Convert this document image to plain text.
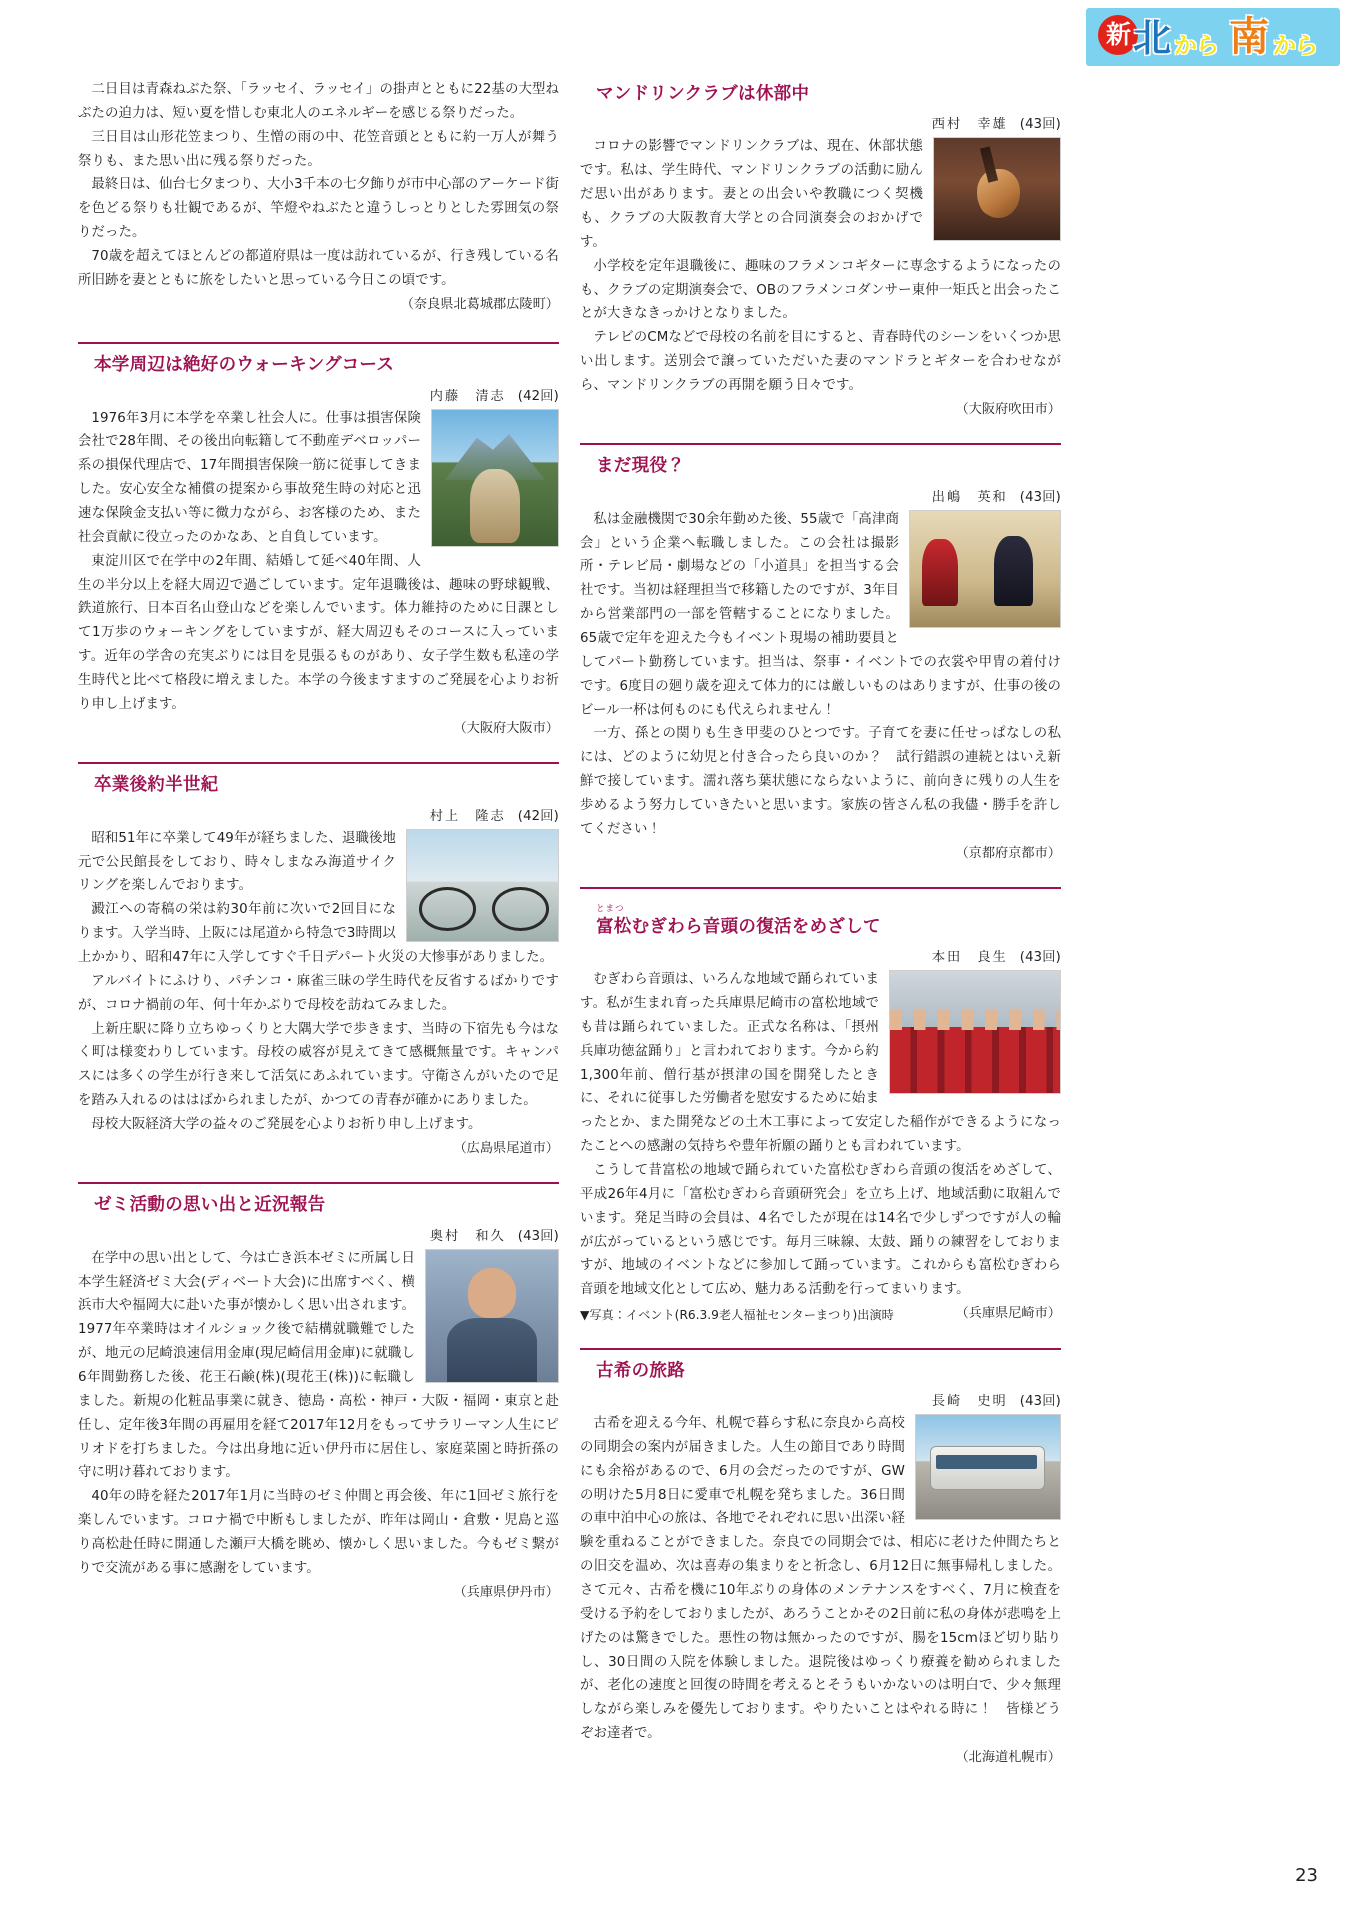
新 北 から 南 から

二日目は青森ねぶた祭、「ラッセイ、ラッセイ」の掛声とともに22基の大型ねぶたの迫力は、短い夏を惜しむ東北人のエネルギーを感じる祭りだった。

三日目は山形花笠まつり、生憎の雨の中、花笠音頭とともに約一万人が舞う祭りも、また思い出に残る祭りだった。

最終日は、仙台七夕まつり、大小3千本の七夕飾りが市中心部のアーケード街を色どる祭りも壮観であるが、竿燈やねぶたと違うしっとりとした雰囲気の祭りだった。

70歳を超えてほとんどの都道府県は一度は訪れているが、行き残している名所旧跡を妻とともに旅をしたいと思っている今日この頃です。

（奈良県北葛城郡広陵町）

本学周辺は絶好のウォーキングコース
内藤　清志 (42回)

1976年3月に本学を卒業し社会人に。仕事は損害保険会社で28年間、その後出向転籍して不動産デベロッパー系の損保代理店で、17年間損害保険一筋に従事してきました。安心安全な補償の提案から事故発生時の対応と迅速な保険金支払い等に微力ながら、お客様のため、また社会貢献に役立ったのかなあ、と自負しています。

東淀川区で在学中の2年間、結婚して延べ40年間、人生の半分以上を経大周辺で過ごしています。定年退職後は、趣味の野球観戦、鉄道旅行、日本百名山登山などを楽しんでいます。体力維持のために日課として1万歩のウォーキングをしていますが、経大周辺もそのコースに入っています。近年の学舎の充実ぶりには目を見張るものがあり、女子学生数も私達の学生時代と比べて格段に増えました。本学の今後ますますのご発展を心よりお祈り申し上げます。

（大阪府大阪市）

卒業後約半世紀
村上　隆志 (42回)

昭和51年に卒業して49年が経ちました、退職後地元で公民館長をしており、時々しまなみ海道サイクリングを楽しんでおります。

澱江への寄稿の栄は約30年前に次いで2回目になります。入学当時、上阪には尾道から特急で3時間以上かかり、昭和47年に入学してすぐ千日デパート火災の大惨事がありました。

アルバイトにふけり、パチンコ・麻雀三昧の学生時代を反省するばかりですが、コロナ禍前の年、何十年かぶりで母校を訪ねてみました。

上新庄駅に降り立ちゆっくりと大隅大学で歩きます、当時の下宿先も今はなく町は様変わりしています。母校の威容が見えてきて感概無量です。キャンパスには多くの学生が行き来して活気にあふれています。守衛さんがいたので足を踏み入れるのははばかられましたが、かつての青春が確かにありました。

母校大阪経済大学の益々のご発展を心よりお祈り申し上げます。

（広島県尾道市）

ゼミ活動の思い出と近況報告
奥村　和久 (43回)

在学中の思い出として、今は亡き浜本ゼミに所属し日本学生経済ゼミ大会(ディベート大会)に出席すべく、横浜市大や福岡大に赴いた事が懐かしく思い出されます。1977年卒業時はオイルショック後で結構就職難でしたが、地元の尼崎浪速信用金庫(現尼崎信用金庫)に就職し6年間勤務した後、花王石鹸(株)(現花王(株))に転職しました。新規の化粧品事業に就き、徳島・高松・神戸・大阪・福岡・東京と赴任し、定年後3年間の再雇用を経て2017年12月をもってサラリーマン人生にピリオドを打ちました。今は出身地に近い伊丹市に居住し、家庭菜園と時折孫の守に明け暮れております。

40年の時を経た2017年1月に当時のゼミ仲間と再会後、年に1回ゼミ旅行を楽しんでいます。コロナ禍で中断もしましたが、昨年は岡山・倉敷・児島と巡り高松赴任時に開通した瀬戸大橋を眺め、懐かしく思いました。今もゼミ繋がりで交流がある事に感謝をしています。

（兵庫県伊丹市）

マンドリンクラブは休部中
西村　幸雄 (43回)

コロナの影響でマンドリンクラブは、現在、休部状態です。私は、学生時代、マンドリンクラブの活動に励んだ思い出があります。妻との出会いや教職につく契機も、クラブの大阪教育大学との合同演奏会のおかげです。

小学校を定年退職後に、趣味のフラメンコギターに専念するようになったのも、クラブの定期演奏会で、OBのフラメンコダンサー東仲一矩氏と出会ったことが大きなきっかけとなりました。

テレビのCMなどで母校の名前を目にすると、青春時代のシーンをいくつか思い出します。送別会で譲っていただいた妻のマンドラとギターを合わせながら、マンドリンクラブの再開を願う日々です。

（大阪府吹田市）

まだ現役？
出嶋　英和 (43回)

私は金融機関で30余年勤めた後、55歳で「高津商会」という企業へ転職しました。この会社は撮影所・テレビ局・劇場などの「小道具」を担当する会社です。当初は経理担当で移籍したのですが、3年目から営業部門の一部を管轄することになりました。65歳で定年を迎えた今もイベント現場の補助要員としてパート勤務しています。担当は、祭事・イベントでの衣裳や甲冑の着付けです。6度目の廻り歳を迎えて体力的には厳しいものはありますが、仕事の後のビール一杯は何ものにも代えられません！

一方、孫との関りも生き甲斐のひとつです。子育てを妻に任せっぱなしの私には、どのように幼児と付き合ったら良いのか？　試行錯誤の連続とはいえ新鮮で接しています。濡れ落ち葉状態にならないように、前向きに残りの人生を歩めるよう努力していきたいと思います。家族の皆さん私の我儘・勝手を許してください！

（京都府京都市）

とまつ
富松むぎわら音頭の復活をめざして
本田　良生 (43回)

むぎわら音頭は、いろんな地域で踊られています。私が生まれ育った兵庫県尼崎市の富松地域でも昔は踊られていました。正式な名称は、「摂州兵庫功徳盆踊り」と言われております。今から約1,300年前、僧行基が摂津の国を開発したときに、それに従事した労働者を慰安するために始まったとか、また開発などの土木工事によって安定した稲作ができるようになったことへの感謝の気持ちや豊年祈願の踊りとも言われています。

こうして昔富松の地域で踊られていた富松むぎわら音頭の復活をめざして、平成26年4月に「富松むぎわら音頭研究会」を立ち上げ、地域活動に取組んでいます。発足当時の会員は、4名でしたが現在は14名で少しずつですが人の輪が広がっているという感じです。毎月三味線、太鼓、踊りの練習をしておりますが、地域のイベントなどに参加して踊っています。これからも富松むぎわら音頭を地域文化として広め、魅力ある活動を行ってまいります。

▼写真：イベント(R6.3.9老人福祉センターまつり)出演時	（兵庫県尼崎市）

古希の旅路
長崎　史明 (43回)

古希を迎える今年、札幌で暮らす私に奈良から高校の同期会の案内が届きました。人生の節目であり時間にも余裕があるので、6月の会だったのですが、GWの明けた5月8日に愛車で札幌を発ちました。36日間の車中泊中心の旅は、各地でそれぞれに思い出深い経験を重ねることができました。奈良での同期会では、相応に老けた仲間たちとの旧交を温め、次は喜寿の集まりをと祈念し、6月12日に無事帰札しました。さて元々、古希を機に10年ぶりの身体のメンテナンスをすべく、7月に検査を受ける予約をしておりましたが、あろうことかその2日前に私の身体が悲鳴を上げたのは驚きでした。悪性の物は無かったのですが、腸を15cmほど切り貼りし、30日間の入院を体験しました。退院後はゆっくり療養を勧められましたが、老化の速度と回復の時間を考えるとそうもいかないのは明白で、少々無理しながら楽しみを優先しております。やりたいことはやれる時に！　皆様どうぞお達者で。

（北海道札幌市）

23
